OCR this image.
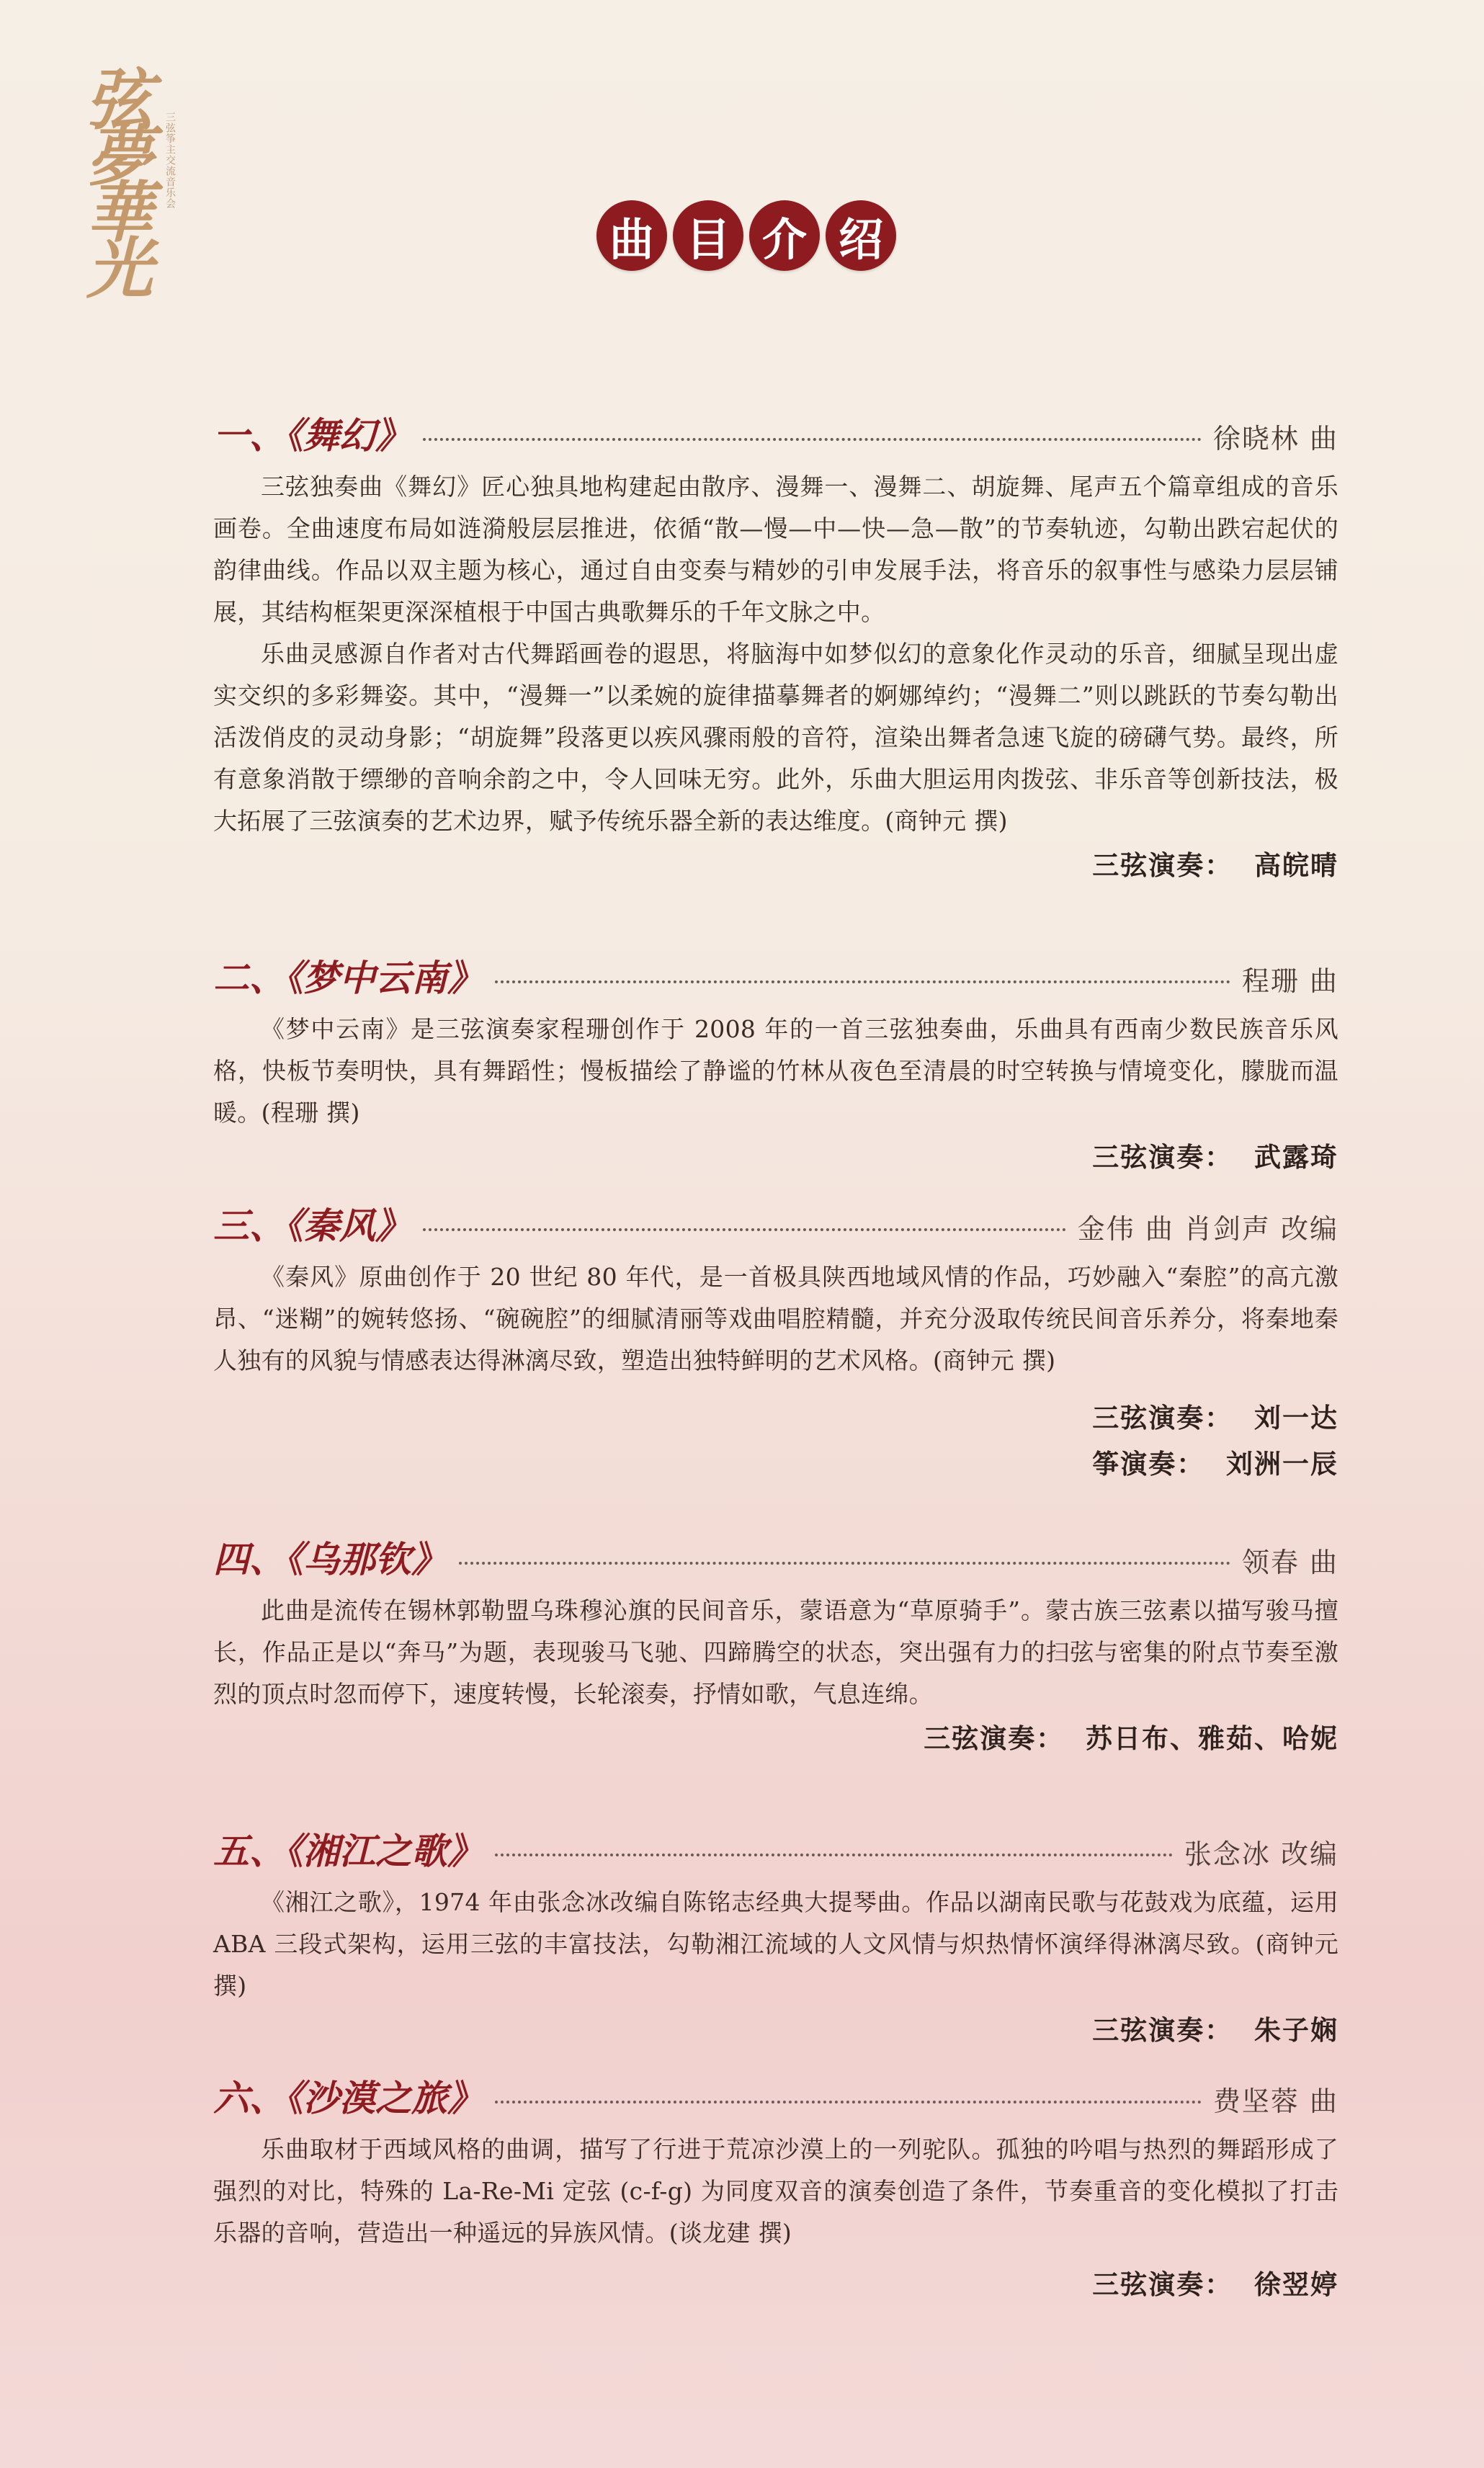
弦
夢
華
光
三弦筝主交流音乐会
曲 目 介 绍
一、《舞幻》	徐晓林 曲

三弦独奏曲《舞幻》匠心独具地构建起由散序、漫舞一、漫舞二、胡旋舞、尾声五个篇章组成的音乐画卷。全曲速度布局如涟漪般层层推进，依循“散—慢—中—快—急—散”的节奏轨迹，勾勒出跌宕起伏的韵律曲线。作品以双主题为核心，通过自由变奏与精妙的引申发展手法，将音乐的叙事性与感染力层层铺展，其结构框架更深深植根于中国古典歌舞乐的千年文脉之中。

乐曲灵感源自作者对古代舞蹈画卷的遐思，将脑海中如梦似幻的意象化作灵动的乐音，细腻呈现出虚实交织的多彩舞姿。其中，“漫舞一”以柔婉的旋律描摹舞者的婀娜绰约；“漫舞二”则以跳跃的节奏勾勒出活泼俏皮的灵动身影；“胡旋舞”段落更以疾风骤雨般的音符，渲染出舞者急速飞旋的磅礴气势。最终，所有意象消散于缥缈的音响余韵之中，令人回味无穷。此外，乐曲大胆运用肉拨弦、非乐音等创新技法，极大拓展了三弦演奏的艺术边界，赋予传统乐器全新的表达维度。(商钟元 撰)

三弦演奏： 高皖晴
二、《梦中云南》	程珊 曲

《梦中云南》是三弦演奏家程珊创作于 2008 年的一首三弦独奏曲，乐曲具有西南少数民族音乐风格，快板节奏明快，具有舞蹈性；慢板描绘了静谧的竹林从夜色至清晨的时空转换与情境变化，朦胧而温暖。(程珊 撰)

三弦演奏： 武露琦
三、《秦风》	金伟 曲 肖剑声 改编

《秦风》原曲创作于 20 世纪 80 年代，是一首极具陕西地域风情的作品，巧妙融入“秦腔”的高亢激昂、“迷糊”的婉转悠扬、“碗碗腔”的细腻清丽等戏曲唱腔精髓，并充分汲取传统民间音乐养分，将秦地秦人独有的风貌与情感表达得淋漓尽致，塑造出独特鲜明的艺术风格。(商钟元 撰)

三弦演奏： 刘一达
筝演奏： 刘洲一辰
四、《乌那钦》	领春 曲

此曲是流传在锡林郭勒盟乌珠穆沁旗的民间音乐，蒙语意为“草原骑手”。蒙古族三弦素以描写骏马擅长，作品正是以“奔马”为题，表现骏马飞驰、四蹄腾空的状态，突出强有力的扫弦与密集的附点节奏至激烈的顶点时忽而停下，速度转慢，长轮滚奏，抒情如歌，气息连绵。

三弦演奏： 苏日布、雅茹、哈妮
五、《湘江之歌》	张念冰 改编

《湘江之歌》，1974 年由张念冰改编自陈铭志经典大提琴曲。作品以湖南民歌与花鼓戏为底蕴，运用 ABA 三段式架构，运用三弦的丰富技法，勾勒湘江流域的人文风情与炽热情怀演绎得淋漓尽致。(商钟元 撰)

三弦演奏： 朱子娴
六、《沙漠之旅》	费坚蓉 曲

乐曲取材于西域风格的曲调，描写了行进于荒凉沙漠上的一列驼队。孤独的吟唱与热烈的舞蹈形成了强烈的对比，特殊的 La-Re-Mi 定弦 (c-f-g) 为同度双音的演奏创造了条件，节奏重音的变化模拟了打击乐器的音响，营造出一种遥远的异族风情。(谈龙建 撰)

三弦演奏： 徐翌婷
